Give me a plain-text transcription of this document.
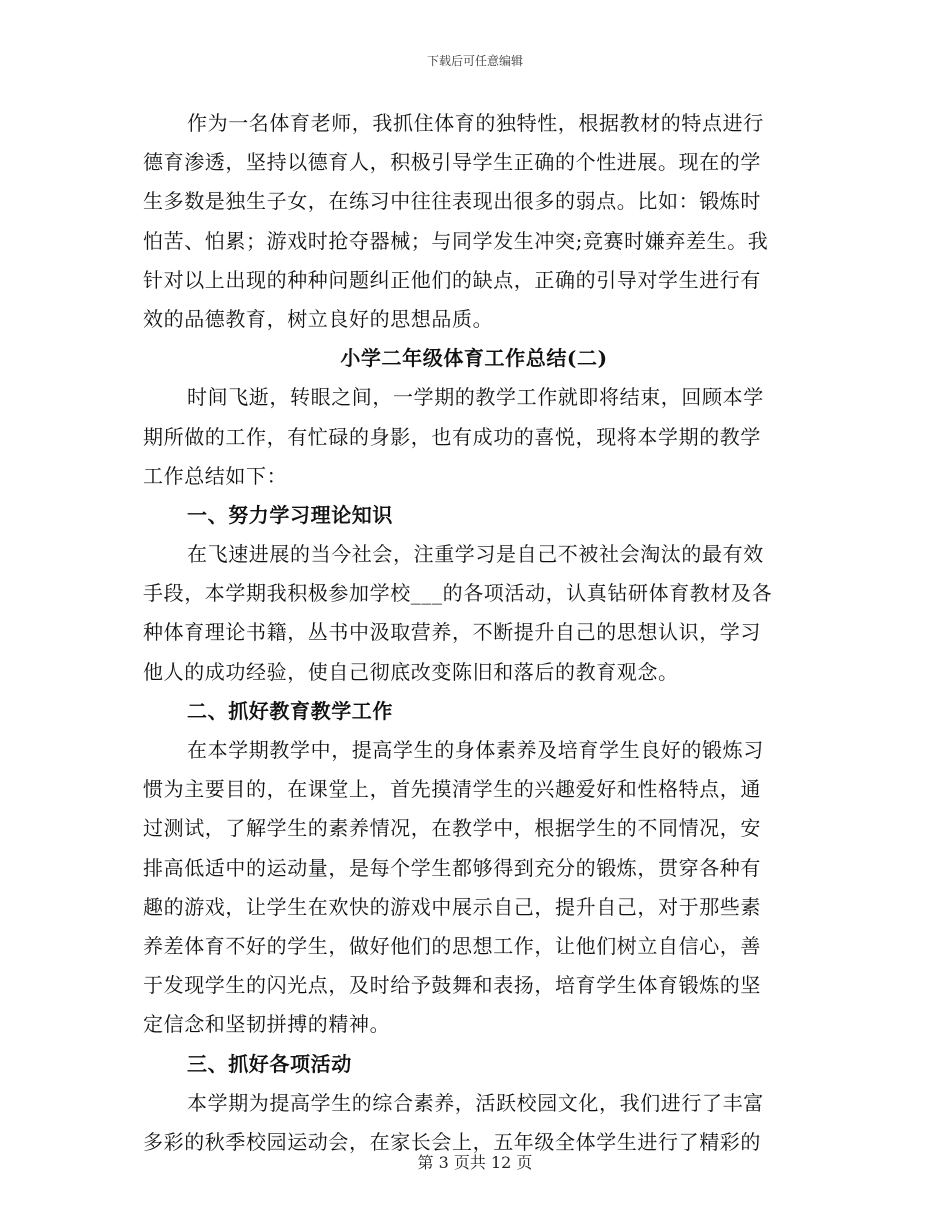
下载后可任意编辑
作为一名体育老师，我抓住体育的独特性，根据教材的特点进行
德育渗透，坚持以德育人，积极引导学生正确的个性进展。现在的学
生多数是独生子女，在练习中往往表现出很多的弱点。比如：锻炼时
怕苦、怕累；游戏时抢夺器械；与同学发生冲突;竞赛时嫌弃差生。我
针对以上出现的种种问题纠正他们的缺点，正确的引导对学生进行有
效的品德教育，树立良好的思想品质。
小学二年级体育工作总结(二)
时间飞逝，转眼之间，一学期的教学工作就即将结束，回顾本学
期所做的工作，有忙碌的身影，也有成功的喜悦，现将本学期的教学
工作总结如下：
一、努力学习理论知识
在飞速进展的当今社会，注重学习是自己不被社会淘汰的最有效
手段，本学期我积极参加学校___的各项活动，认真钻研体育教材及各
种体育理论书籍，丛书中汲取营养，不断提升自己的思想认识，学习
他人的成功经验，使自己彻底改变陈旧和落后的教育观念。
二、抓好教育教学工作
在本学期教学中，提高学生的身体素养及培育学生良好的锻炼习
惯为主要目的，在课堂上，首先摸清学生的兴趣爱好和性格特点，通
过测试，了解学生的素养情况，在教学中，根据学生的不同情况，安
排高低适中的运动量，是每个学生都够得到充分的锻炼，贯穿各种有
趣的游戏，让学生在欢快的游戏中展示自己，提升自己，对于那些素
养差体育不好的学生，做好他们的思想工作，让他们树立自信心，善
于发现学生的闪光点，及时给予鼓舞和表扬，培育学生体育锻炼的坚
定信念和坚韧拼搏的精神。
三、抓好各项活动
本学期为提高学生的综合素养，活跃校园文化，我们进行了丰富
多彩的秋季校园运动会，在家长会上，五年级全体学生进行了精彩的
第 3 页共 12 页
